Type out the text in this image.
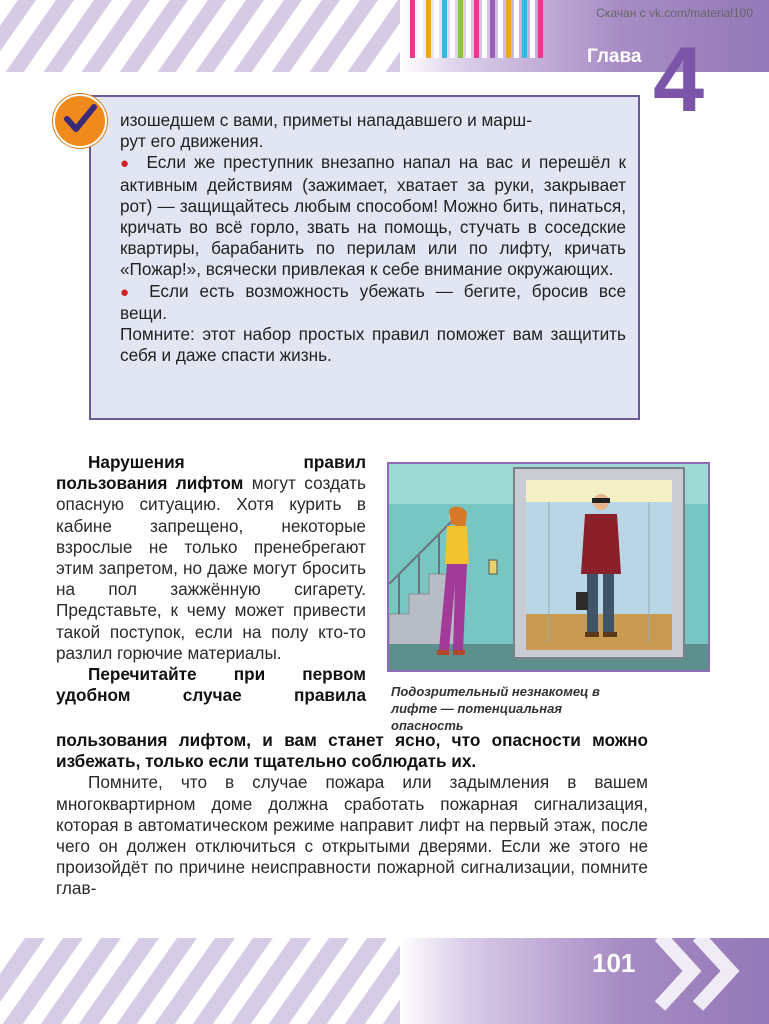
Скачан с vk.com/material100
Глава 4

изошедшем с вами, приметы нападавшего и марш-

рут его движения.

● Если же преступник внезапно напал на вас и перешёл к активным действиям (зажимает, хватает за руки, закрывает рот) — защищайтесь любым способом! Можно бить, пинаться, кричать во всё горло, звать на помощь, стучать в соседские квартиры, барабанить по перилам или по лифту, кричать «Пожар!», всячески привлекая к себе внимание окружающих.

● Если есть возможность убежать — бегите, бросив все вещи.

Помните: этот набор простых правил поможет вам защитить себя и даже спасти жизнь.

Нарушения правил пользования лифтом могут создать опасную ситуацию. Хотя курить в кабине запрещено, некоторые взрослые не только пренебрегают этим запретом, но даже могут бросить на пол зажжённую сигарету. Представьте, к чему может привести такой поступок, если на полу кто-то разлил горючие материалы.

Перечитайте при первом удобном случае правила Подозрительный незнакомец в лифте — потенциальная опасность

пользования лифтом, и вам станет ясно, что опасности можно избежать, только если тщательно соблюдать их.

Помните, что в случае пожара или задымления в вашем многоквартирном доме должна сработать пожарная сигнализация, которая в автоматическом режиме направит лифт на первый этаж, после чего он должен отключиться с открытыми дверями. Если же этого не произойдёт по причине неисправности пожарной сигнализации, помните глав-

101
